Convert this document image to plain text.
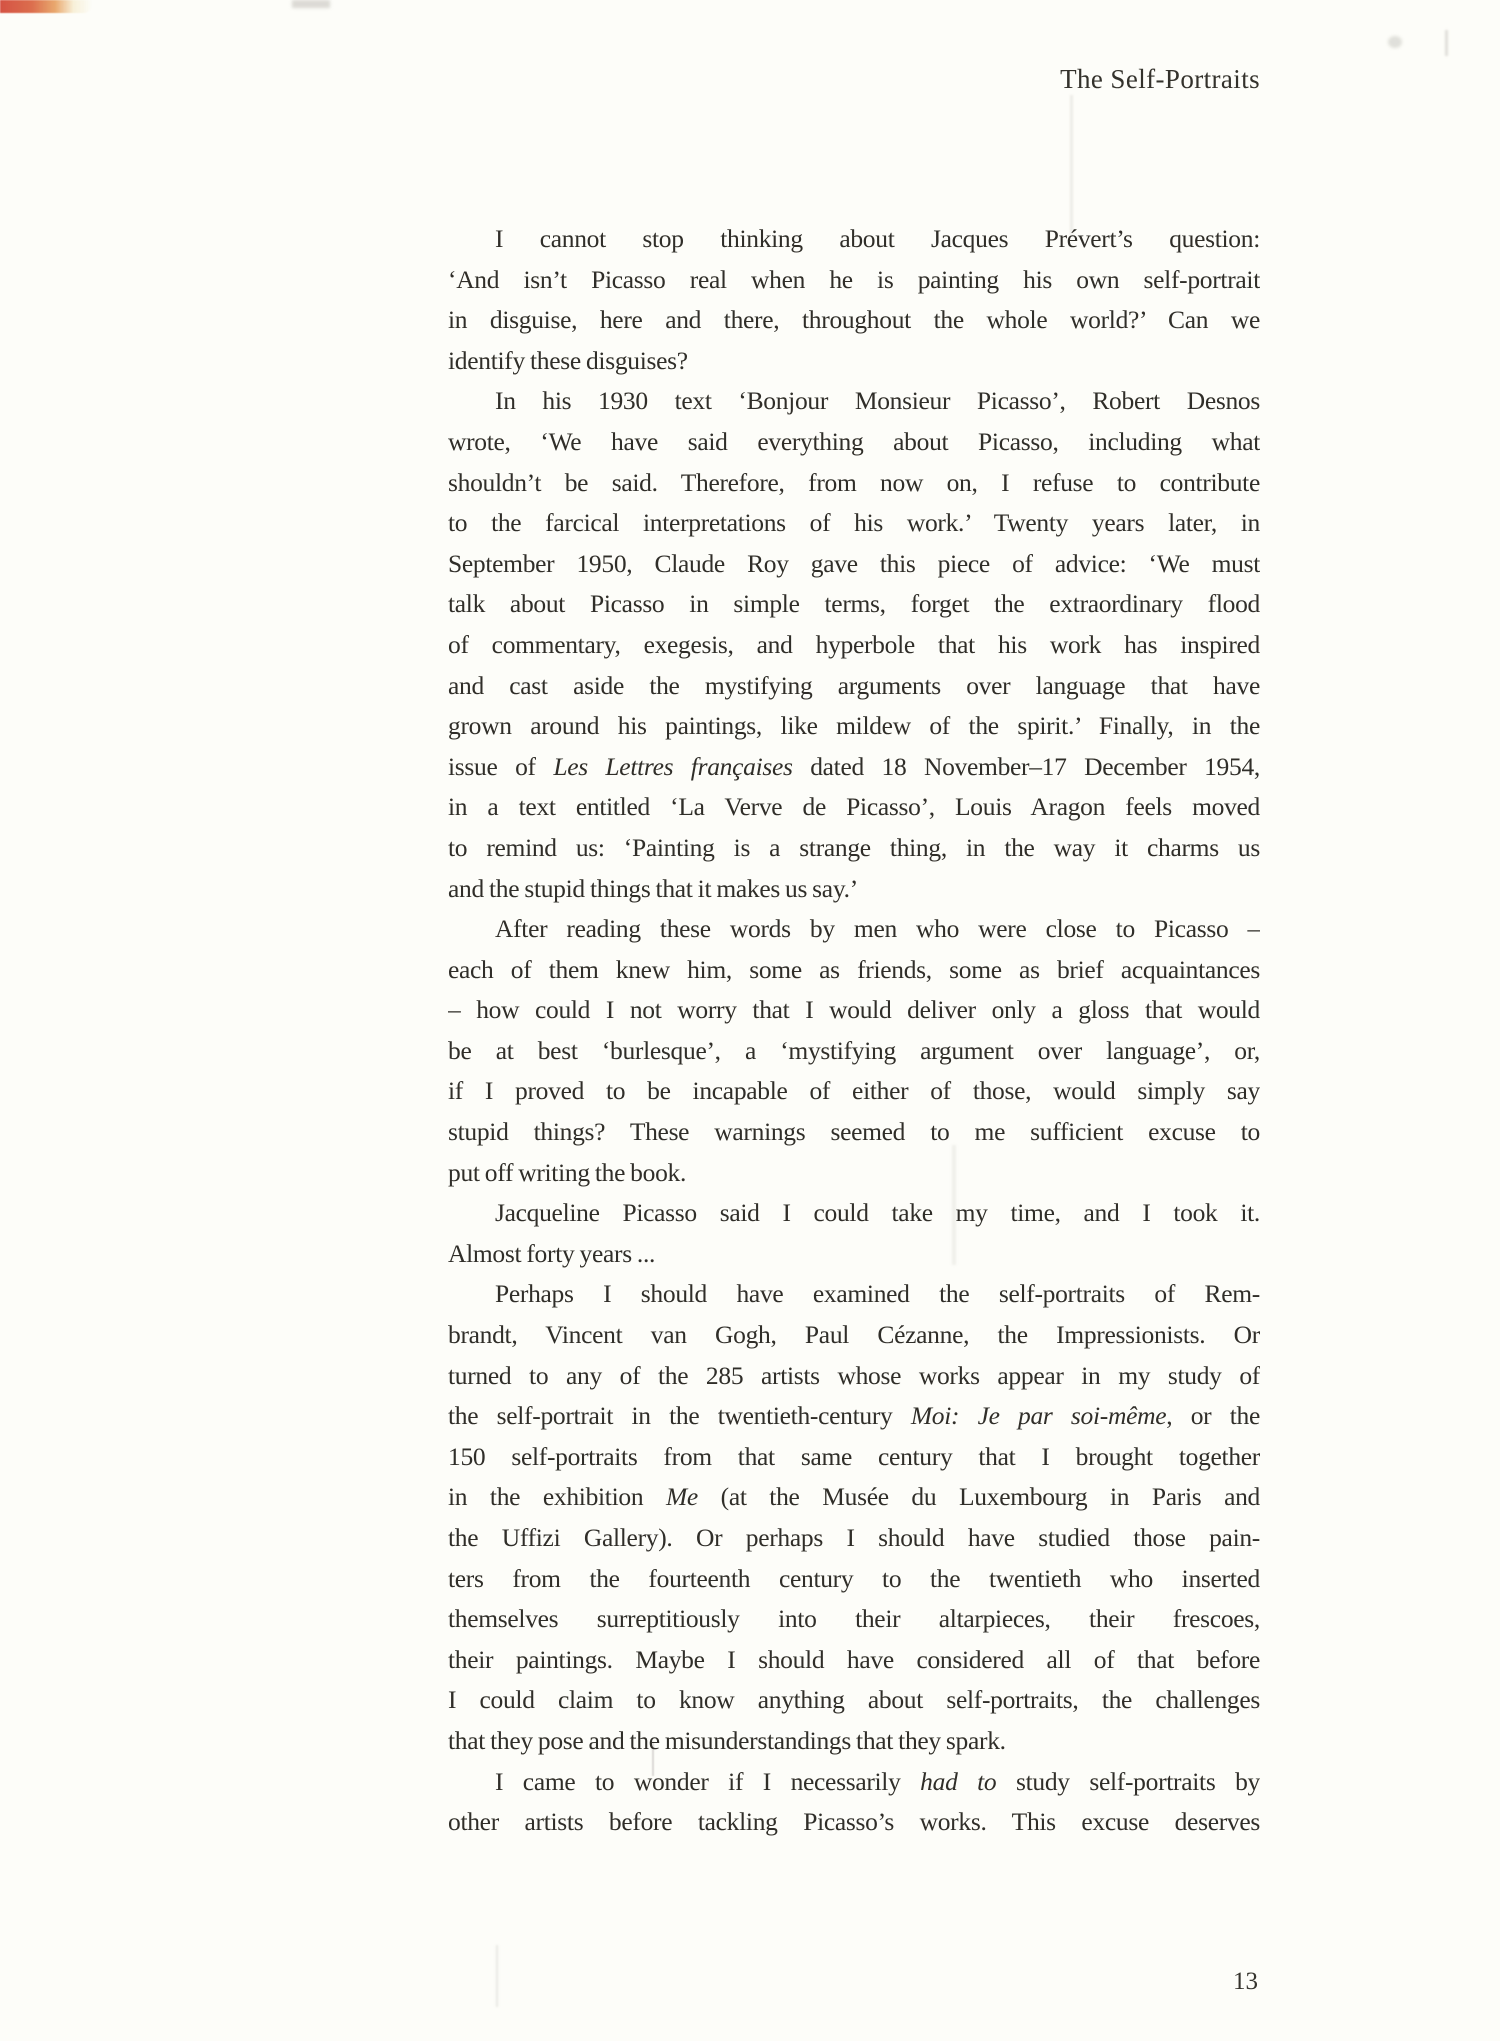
The Self-Portraits
I cannot stop thinking about Jacques Prévert’s question:
‘And isn’t Picasso real when he is painting his own self-portrait
in disguise, here and there, throughout the whole world?’ Can we
identify these disguises?
In his 1930 text ‘Bonjour Monsieur Picasso’, Robert Desnos
wrote, ‘We have said everything about Picasso, including what
shouldn’t be said. Therefore, from now on, I refuse to contribute
to the farcical interpretations of his work.’ Twenty years later, in
September 1950, Claude Roy gave this piece of advice: ‘We must
talk about Picasso in simple terms, forget the extraordinary flood
of commentary, exegesis, and hyperbole that his work has inspired
and cast aside the mystifying arguments over language that have
grown around his paintings, like mildew of the spirit.’ Finally, in the
issue of Les Lettres françaises dated 18 November–17 December 1954,
in a text entitled ‘La Verve de Picasso’, Louis Aragon feels moved
to remind us: ‘Painting is a strange thing, in the way it charms us
and the stupid things that it makes us say.’
After reading these words by men who were close to Picasso –
each of them knew him, some as friends, some as brief acquaintances
– how could I not worry that I would deliver only a gloss that would
be at best ‘burlesque’, a ‘mystifying argument over language’, or,
if I proved to be incapable of either of those, would simply say
stupid things? These warnings seemed to me sufficient excuse to
put off writing the book.
Jacqueline Picasso said I could take my time, and I took it.
Almost forty years ...
Perhaps I should have examined the self-portraits of Rem-
brandt, Vincent van Gogh, Paul Cézanne, the Impressionists. Or
turned to any of the 285 artists whose works appear in my study of
the self-portrait in the twentieth-century Moi: Je par soi-même, or the
150 self-portraits from that same century that I brought together
in the exhibition Me (at the Musée du Luxembourg in Paris and
the Uffizi Gallery). Or perhaps I should have studied those pain-
ters from the fourteenth century to the twentieth who inserted
themselves surreptitiously into their altarpieces, their frescoes,
their paintings. Maybe I should have considered all of that before
I could claim to know anything about self-portraits, the challenges
that they pose and the misunderstandings that they spark.
I came to wonder if I necessarily had to study self-portraits by
other artists before tackling Picasso’s works. This excuse deserves
13
